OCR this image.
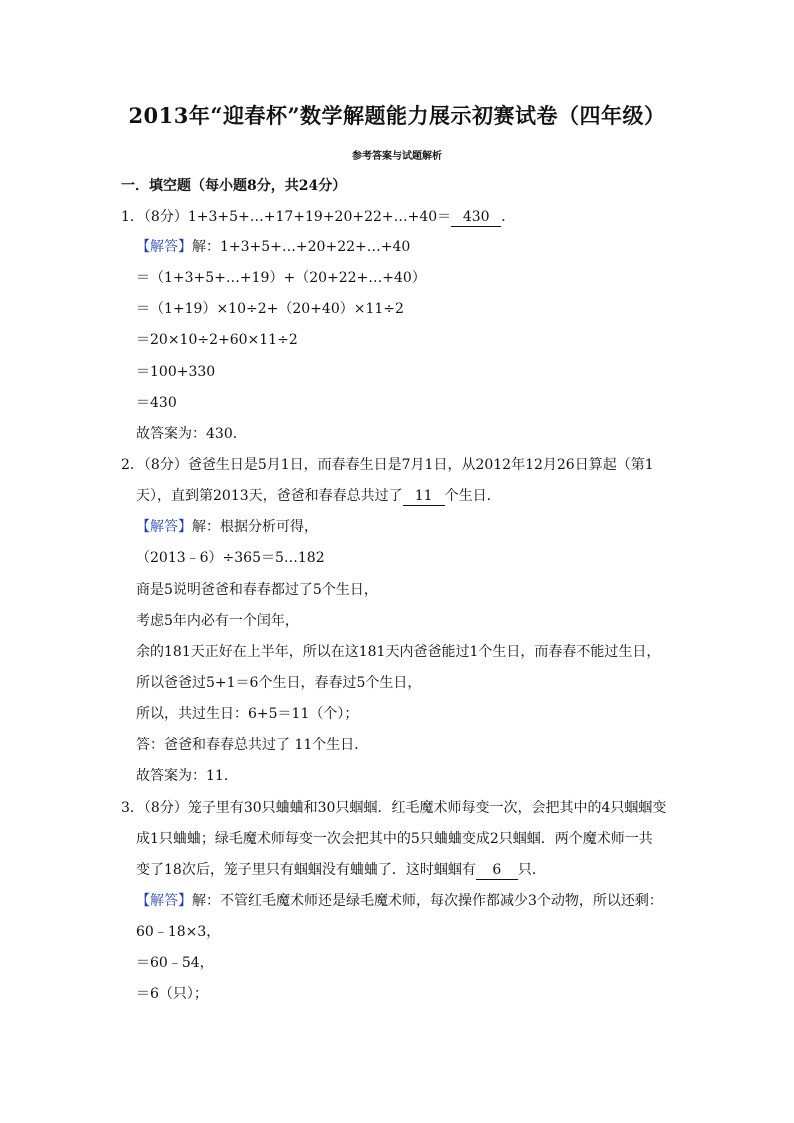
2013年“迎春杯”数学解题能力展示初赛试卷（四年级）
参考答案与试题解析
一．填空题（每小题8分，共24分）
1．（8分）1+3+5+…+17+19+20+22+…+40＝ 430 ．
【解答】解：1+3+5+…+20+22+…+40
＝（1+3+5+…+19）+（20+22+…+40）
＝（1+19）×10÷2+（20+40）×11÷2
＝20×10÷2+60×11÷2
＝100+330
＝430
故答案为：430．
2．（8分）爸爸生日是5月1日，而春春生日是7月1日，从2012年12月26日算起（第1
天），直到第2013天，爸爸和春春总共过了 11 个生日．
【解答】解：根据分析可得，
（2013﹣6）÷365＝5…182
商是5说明爸爸和春春都过了5个生日，
考虑5年内必有一个闰年，
余的181天正好在上半年，所以在这181天内爸爸能过1个生日，而春春不能过生日，
所以爸爸过5+1＝6个生日，春春过5个生日，
所以，共过生日：6+5＝11（个）；
答：爸爸和春春总共过了 11个生日．
故答案为：11．
3．（8分）笼子里有30只蛐蛐和30只蝈蝈．红毛魔术师每变一次，会把其中的4只蝈蝈变
成1只蛐蛐；绿毛魔术师每变一次会把其中的5只蛐蛐变成2只蝈蝈．两个魔术师一共
变了18次后，笼子里只有蝈蝈没有蛐蛐了．这时蝈蝈有 6 只．
【解答】解：不管红毛魔术师还是绿毛魔术师，每次操作都减少3个动物，所以还剩：
60﹣18×3，
＝60﹣54，
＝6（只）；
